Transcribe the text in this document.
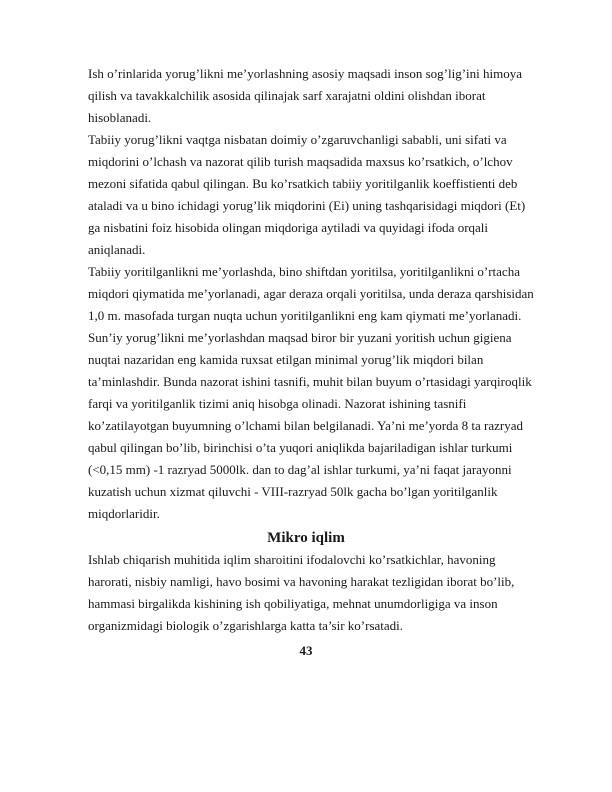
Ish o’rinlarida yorug’likni me’yorlashning asosiy maqsadi inson sog’lig’ini himoya
qilish va tavakkalchilik asosida qilinajak sarf xarajatni oldini olishdan iborat
hisoblanadi.
Tabiiy yorug’likni vaqtga nisbatan doimiy o’zgaruvchanligi sababli, uni sifati va
miqdorini o’lchash va nazorat qilib turish maqsadida maxsus ko’rsatkich, o’lchov
mezoni sifatida qabul qilingan. Bu ko’rsatkich tabiiy yoritilganlik koeffistienti deb
ataladi va u bino ichidagi yorug’lik miqdorini (Ei) uning tashqarisidagi miqdori (Et)
ga nisbatini foiz hisobida olingan miqdoriga aytiladi va quyidagi ifoda orqali
aniqlanadi.
Tabiiy yoritilganlikni me’yorlashda, bino shiftdan yoritilsa, yoritilganlikni o’rtacha
miqdori qiymatida me’yorlanadi, agar deraza orqali yoritilsa, unda deraza qarshisidan
1,0 m. masofada turgan nuqta uchun yoritilganlikni eng kam qiymati me’yorlanadi.
Sun’iy yorug’likni me’yorlashdan maqsad biror bir yuzani yoritish uchun gigiena
nuqtai nazaridan eng kamida ruxsat etilgan minimal yorug’lik miqdori bilan
ta’minlashdir. Bunda nazorat ishini tasnifi, muhit bilan buyum o’rtasidagi yarqiroqlik
farqi va yoritilganlik tizimi aniq hisobga olinadi. Nazorat ishining tasnifi
ko’zatilayotgan buyumning o’lchami bilan belgilanadi. Ya’ni me’yorda 8 ta razryad
qabul qilingan bo’lib, birinchisi o’ta yuqori aniqlikda bajariladigan ishlar turkumi
(<0,15 mm) -1 razryad 5000lk. dan to dag’al ishlar turkumi, ya’ni faqat jarayonni
kuzatish uchun xizmat qiluvchi - VIII-razryad 50lk gacha bo’lgan yoritilganlik
miqdorlaridir.
Mikro iqlim
Ishlab chiqarish muhitida iqlim sharoitini ifodalovchi ko’rsatkichlar, havoning
harorati, nisbiy namligi, havo bosimi va havoning harakat tezligidan iborat bo’lib,
hammasi birgalikda kishining ish qobiliyatiga, mehnat unumdorligiga va inson
organizmidagi biologik o’zgarishlarga katta ta’sir ko’rsatadi.
43
